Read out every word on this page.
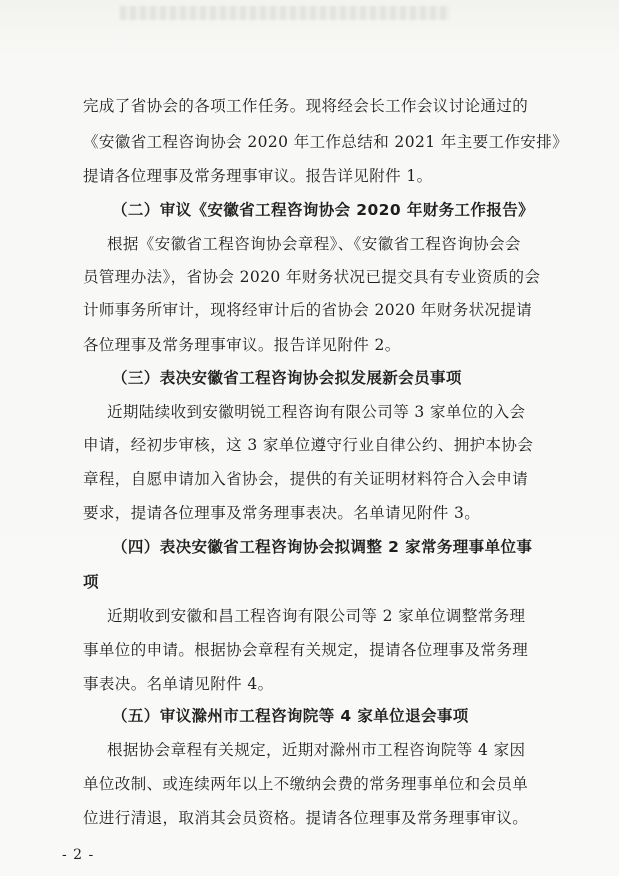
完成了省协会的各项工作任务。现将经会长工作会议讨论通过的
《安徽省工程咨询协会 2020 年工作总结和 2021 年主要工作安排》
提请各位理事及常务理事审议。报告详见附件 1。
（二）审议《安徽省工程咨询协会 2020 年财务工作报告》
根据《安徽省工程咨询协会章程》、《安徽省工程咨询协会会
员管理办法》，省协会 2020 年财务状况已提交具有专业资质的会
计师事务所审计，现将经审计后的省协会 2020 年财务状况提请
各位理事及常务理事审议。报告详见附件 2。
（三）表决安徽省工程咨询协会拟发展新会员事项
近期陆续收到安徽明锐工程咨询有限公司等 3 家单位的入会
申请，经初步审核，这 3 家单位遵守行业自律公约、拥护本协会
章程，自愿申请加入省协会，提供的有关证明材料符合入会申请
要求，提请各位理事及常务理事表决。名单请见附件 3。
（四）表决安徽省工程咨询协会拟调整 2 家常务理事单位事
项
近期收到安徽和昌工程咨询有限公司等 2 家单位调整常务理
事单位的申请。根据协会章程有关规定，提请各位理事及常务理
事表决。名单请见附件 4。
（五）审议滁州市工程咨询院等 4 家单位退会事项
根据协会章程有关规定，近期对滁州市工程咨询院等 4 家因
单位改制、或连续两年以上不缴纳会费的常务理事单位和会员单
位进行清退，取消其会员资格。提请各位理事及常务理事审议。
- 2 -
